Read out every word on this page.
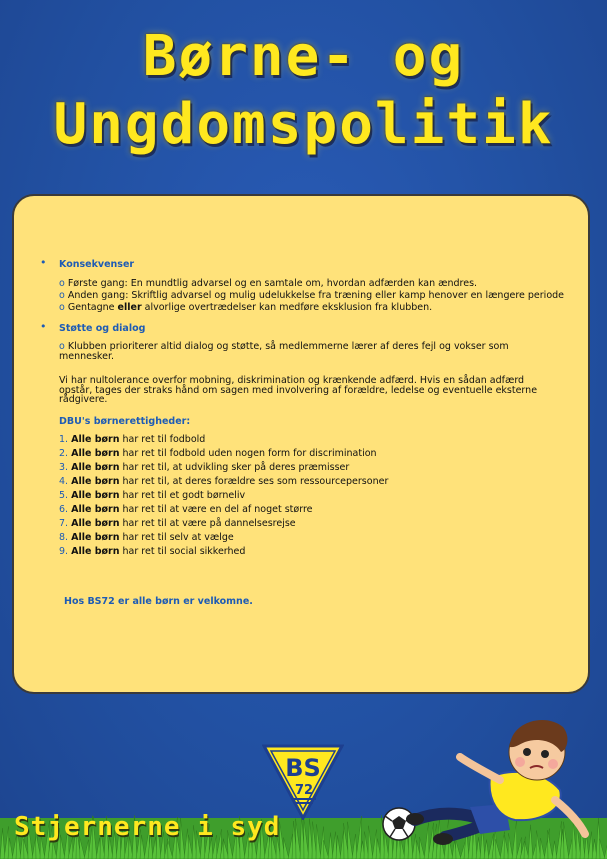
Børne- og
Ungdomspolitik
• Konsekvenser
o Første gang: En mundtlig advarsel og en samtale om, hvordan adfærden kan ændres.
o Anden gang: Skriftlig advarsel og mulig udelukkelse fra træning eller kamp henover en længere periode
o Gentagne eller alvorlige overtrædelser kan medføre eksklusion fra klubben.
• Støtte og dialog
o Klubben prioriterer altid dialog og støtte, så medlemmerne lærer af deres fejl og vokser som mennesker.
Vi har nultolerance overfor mobning, diskrimination og krænkende adfærd. Hvis en sådan adfærd opstår, tages der straks hånd om sagen med involvering af forældre, ledelse og eventuelle eksterne rådgivere.
DBU's børnerettigheder:
1. Alle børn har ret til fodbold
2. Alle børn har ret til fodbold uden nogen form for discrimination
3. Alle børn har ret til, at udvikling sker på deres præmisser
4. Alle børn har ret til, at deres forældre ses som ressourcepersoner
5. Alle børn har ret til et godt børneliv
6. Alle børn har ret til at være en del af noget større
7. Alle børn har ret til at være på dannelsesrejse
8. Alle børn har ret til selv at vælge
9. Alle børn har ret til social sikkerhed
Hos BS72 er alle børn er velkomne.
BS
72
Stjernerne i syd
